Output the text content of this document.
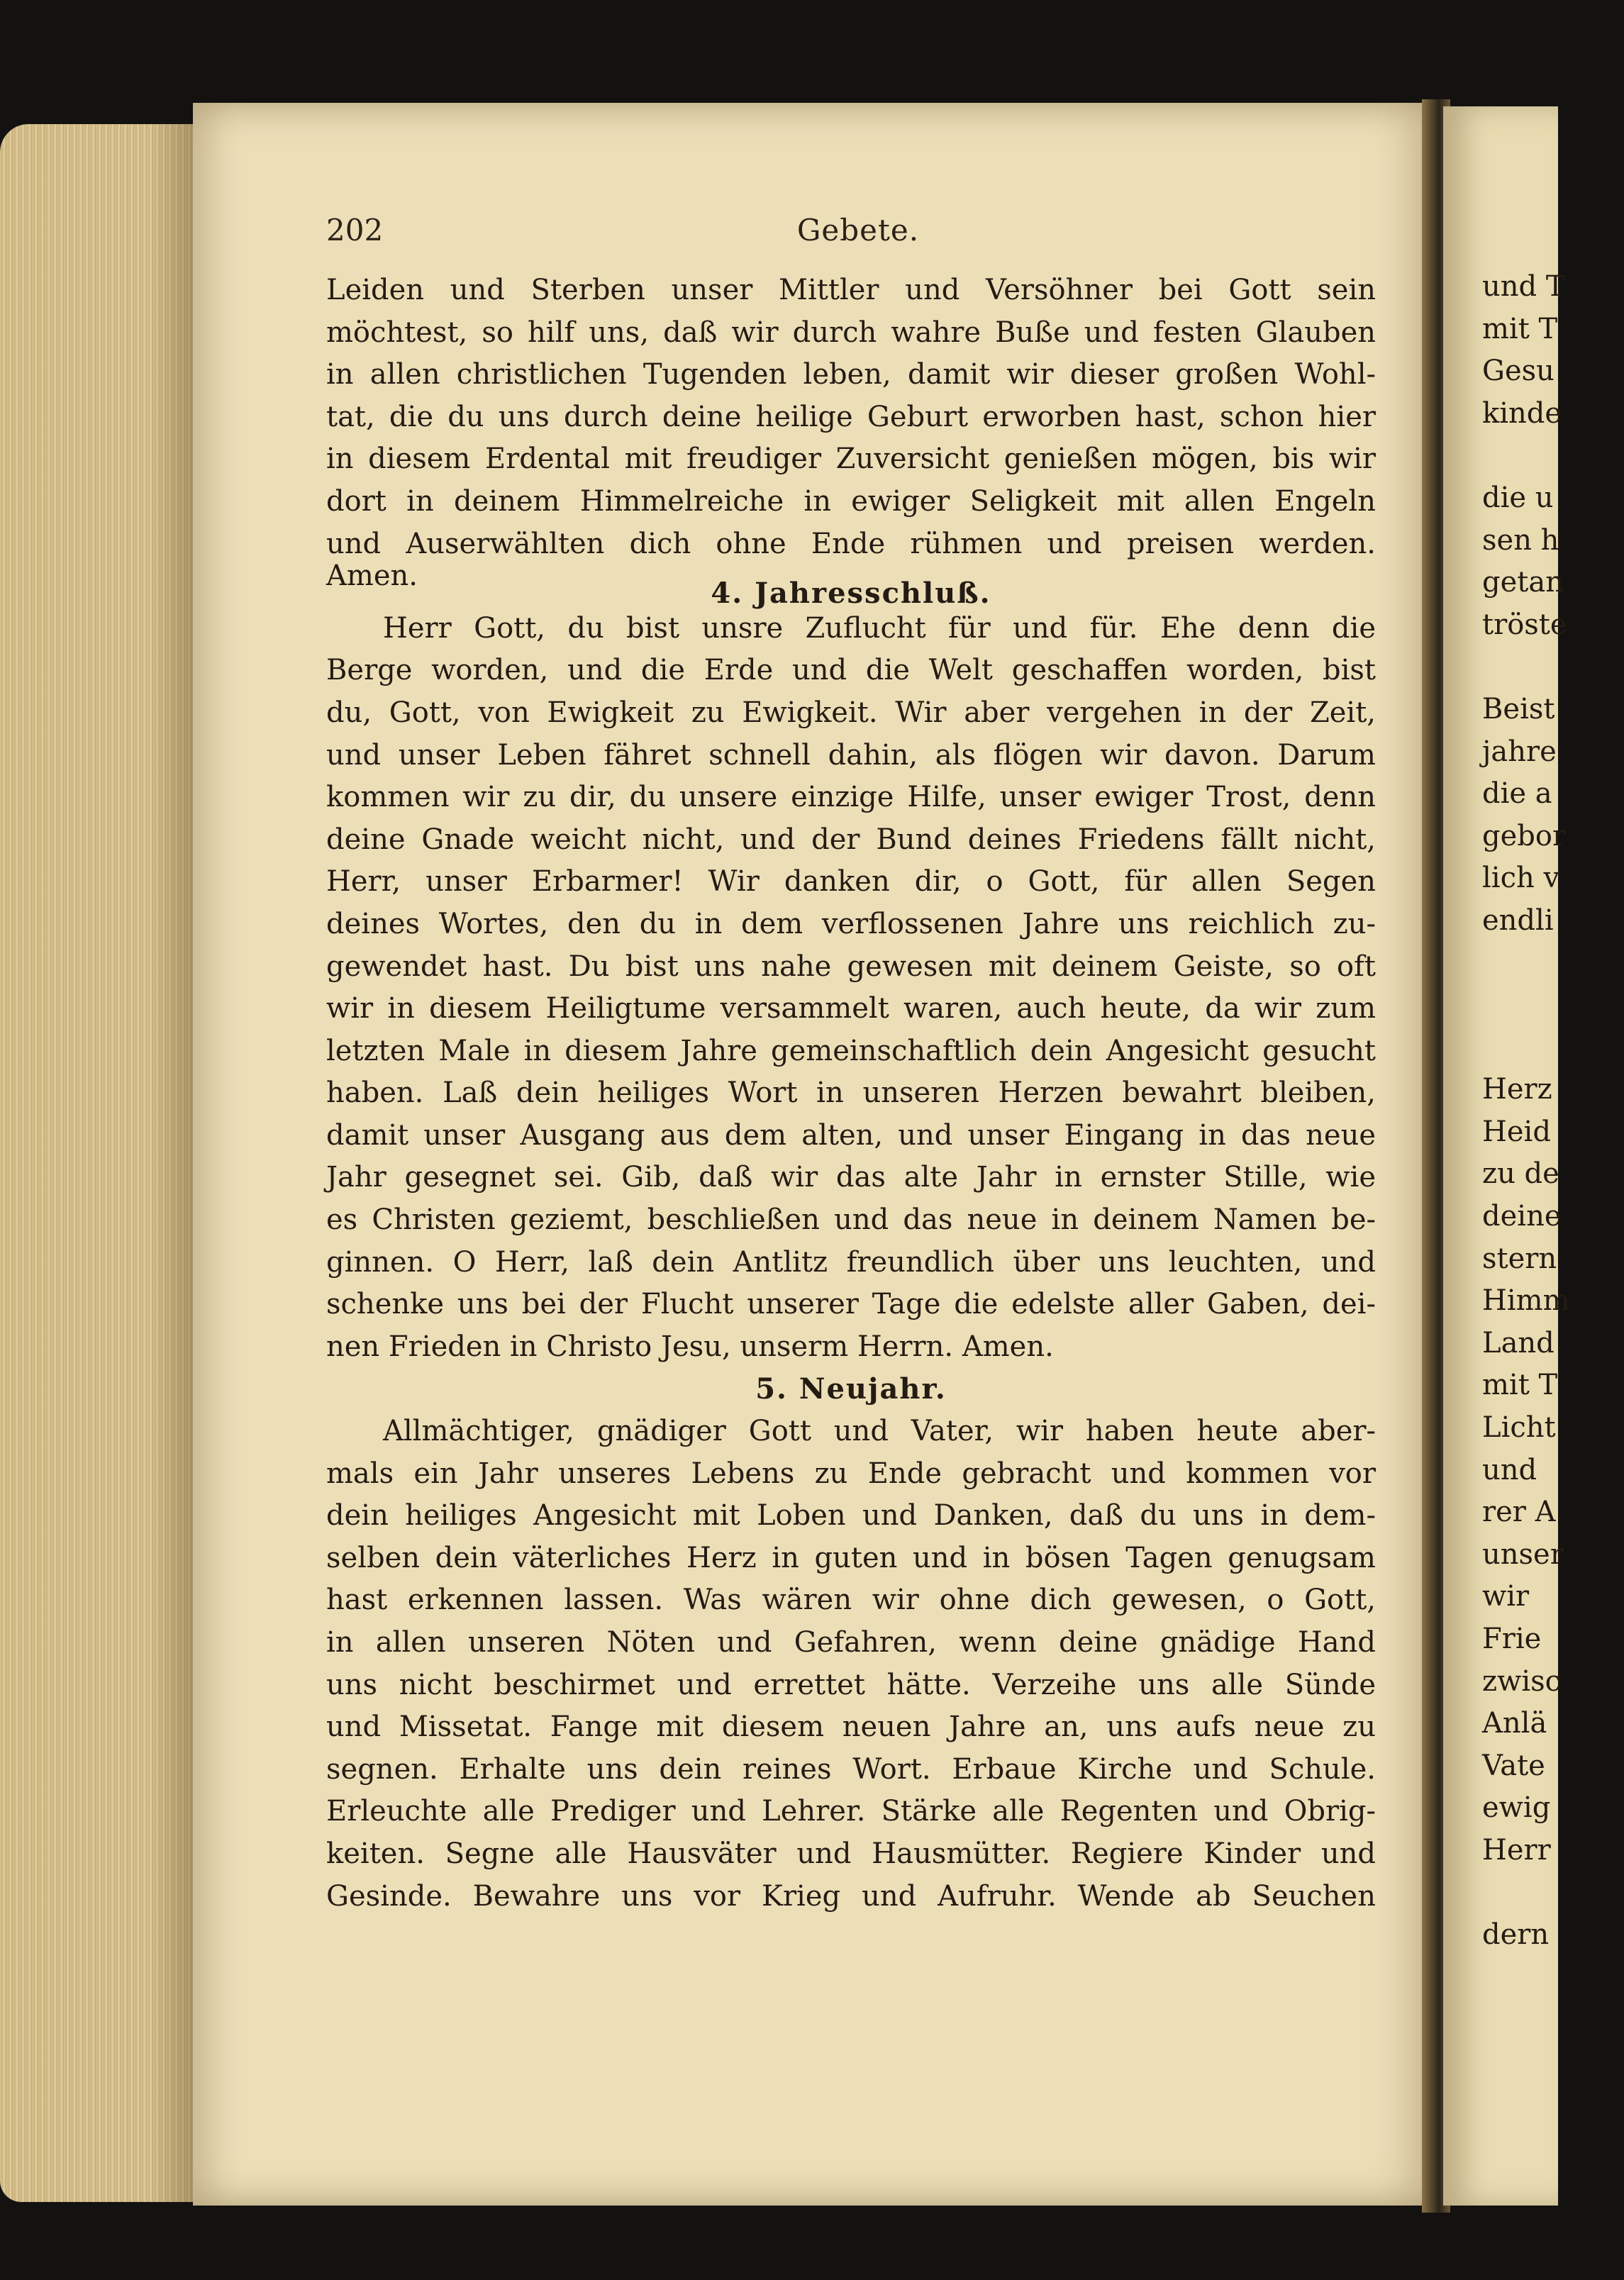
und T
mit T
Gesu
kinde
die u
sen h
getan
tröste
Beist
jahre
die a
gebor
lich v
endli
Herz
Heid
zu de
deine
stern
Himm
Land
mit T
Licht
und
rer A
unser
wir
Frie
zwisc
Anlä
Vate
ewig
Herr
dern
202	Gebete.
Leiden und Sterben unser Mittler und Versöhner bei Gott sein
möchtest, so hilf uns, daß wir durch wahre Buße und festen Glauben
in allen christlichen Tugenden leben, damit wir dieser großen Wohl-
tat, die du uns durch deine heilige Geburt erworben hast, schon hier
in diesem Erdental mit freudiger Zuversicht genießen mögen, bis wir
dort in deinem Himmelreiche in ewiger Seligkeit mit allen Engeln
und Auserwählten dich ohne Ende rühmen und preisen werden.
Amen.
4. Jahresschluß.
Herr Gott, du bist unsre Zuflucht für und für. Ehe denn die
Berge worden, und die Erde und die Welt geschaffen worden, bist
du, Gott, von Ewigkeit zu Ewigkeit. Wir aber vergehen in der Zeit,
und unser Leben fähret schnell dahin, als flögen wir davon. Darum
kommen wir zu dir, du unsere einzige Hilfe, unser ewiger Trost, denn
deine Gnade weicht nicht, und der Bund deines Friedens fällt nicht,
Herr, unser Erbarmer! Wir danken dir, o Gott, für allen Segen
deines Wortes, den du in dem verflossenen Jahre uns reichlich zu-
gewendet hast. Du bist uns nahe gewesen mit deinem Geiste, so oft
wir in diesem Heiligtume versammelt waren, auch heute, da wir zum
letzten Male in diesem Jahre gemeinschaftlich dein Angesicht gesucht
haben. Laß dein heiliges Wort in unseren Herzen bewahrt bleiben,
damit unser Ausgang aus dem alten, und unser Eingang in das neue
Jahr gesegnet sei. Gib, daß wir das alte Jahr in ernster Stille, wie
es Christen geziemt, beschließen und das neue in deinem Namen be-
ginnen. O Herr, laß dein Antlitz freundlich über uns leuchten, und
schenke uns bei der Flucht unserer Tage die edelste aller Gaben, dei-
nen Frieden in Christo Jesu, unserm Herrn. Amen.
5. Neujahr.
Allmächtiger, gnädiger Gott und Vater, wir haben heute aber-
mals ein Jahr unseres Lebens zu Ende gebracht und kommen vor
dein heiliges Angesicht mit Loben und Danken, daß du uns in dem-
selben dein väterliches Herz in guten und in bösen Tagen genugsam
hast erkennen lassen. Was wären wir ohne dich gewesen, o Gott,
in allen unseren Nöten und Gefahren, wenn deine gnädige Hand
uns nicht beschirmet und errettet hätte. Verzeihe uns alle Sünde
und Missetat. Fange mit diesem neuen Jahre an, uns aufs neue zu
segnen. Erhalte uns dein reines Wort. Erbaue Kirche und Schule.
Erleuchte alle Prediger und Lehrer. Stärke alle Regenten und Obrig-
keiten. Segne alle Hausväter und Hausmütter. Regiere Kinder und
Gesinde. Bewahre uns vor Krieg und Aufruhr. Wende ab Seuchen
